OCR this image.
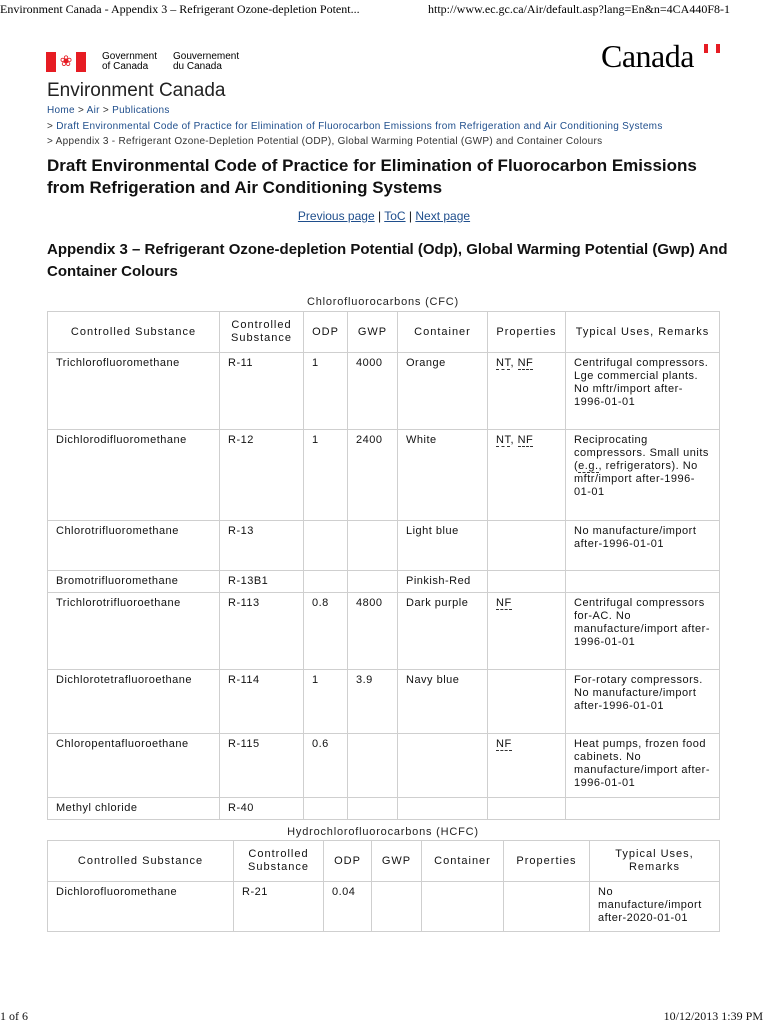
Environment Canada - Appendix 3 – Refrigerant Ozone-depletion Potent...	http://www.ec.gc.ca/Air/default.asp?lang=En&n=4CA440F8-1
❀	Government
of Canada
Gouvernement
du Canada	Canada
Environment Canada
Home > Air > Publications
> Draft Environmental Code of Practice for Elimination of Fluorocarbon Emissions from Refrigeration and Air Conditioning Systems
> Appendix 3 - Refrigerant Ozone-Depletion Potential (ODP), Global Warming Potential (GWP) and Container Colours
Draft Environmental Code of Practice for Elimination of Fluorocarbon Emissions from Refrigeration and Air Conditioning Systems
Previous page | ToC | Next page
Appendix 3 – Refrigerant Ozone-depletion Potential (Odp), Global Warming Potential (Gwp) And Container Colours
Chlorofluorocarbons (CFC)
Controlled Substance	Controlled Substance	ODP	GWP	Container	Properties	Typical Uses, Remarks
Trichlorofluoromethane	R-11	1	4000	Orange	NT, NF	Centrifugal compressors. Lge commercial plants. No mftr/import after-1996-01-01
Dichlorodifluoromethane	R-12	1	2400	White	NT, NF	Reciprocating compressors. Small units (e.g., refrigerators). No mftr/import after-1996-01-01
Chlorotrifluoromethane	R-13			Light blue		No manufacture/import after-1996-01-01
Bromotrifluoromethane	R-13B1			Pinkish-Red		
Trichlorotrifluoroethane	R-113	0.8	4800	Dark purple	NF	Centrifugal compressors for-AC. No manufacture/import after-1996-01-01
Dichlorotetrafluoroethane	R-114	1	3.9	Navy blue		For-rotary compressors. No manufacture/import after-1996-01-01
Chloropentafluoroethane	R-115	0.6			NF	Heat pumps, frozen food cabinets. No manufacture/import after-1996-01-01
Methyl chloride	R-40					
Hydrochlorofluorocarbons (HCFC)
Controlled Substance	Controlled Substance	ODP	GWP	Container	Properties	Typical Uses, Remarks
Dichlorofluoromethane	R-21	0.04				No manufacture/import after-2020-01-01
1 of 6	10/12/2013 1:39 PM
